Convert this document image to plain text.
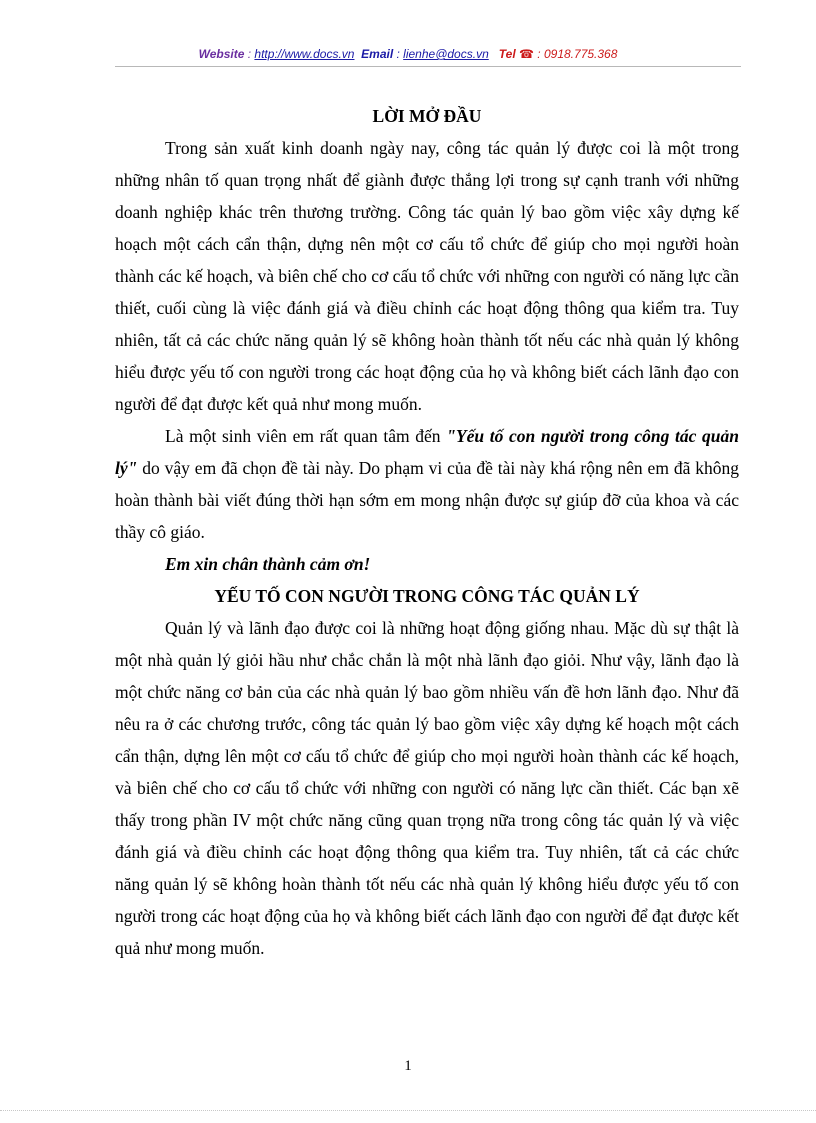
Website : http://www.docs.vn Email : lienhe@docs.vn Tel ☎ : 0918.775.368

LỜI MỞ ĐẦU

Trong sản xuất kinh doanh ngày nay, công tác quản lý được coi là một trong những nhân tố quan trọng nhất để giành được thắng lợi trong sự cạnh tranh với những doanh nghiệp khác trên thương trường. Công tác quản lý bao gồm việc xây dựng kế hoạch một cách cẩn thận, dựng nên một cơ cấu tổ chức để giúp cho mọi người hoàn thành các kế hoạch, và biên chế cho cơ cấu tổ chức với những con người có năng lực cần thiết, cuối cùng là việc đánh giá và điều chỉnh các hoạt động thông qua kiểm tra. Tuy nhiên, tất cả các chức năng quản lý sẽ không hoàn thành tốt nếu các nhà quản lý không hiểu được yếu tố con người trong các hoạt động của họ và không biết cách lãnh đạo con người để đạt được kết quả như mong muốn.

Là một sinh viên em rất quan tâm đến "Yếu tố con người trong công tác quản lý" do vậy em đã chọn đề tài này. Do phạm vi của đề tài này khá rộng nên em đã không hoàn thành bài viết đúng thời hạn sớm em mong nhận được sự giúp đỡ của khoa và các thầy cô giáo.

Em xin chân thành cảm ơn!

YẾU TỐ CON NGƯỜI TRONG CÔNG TÁC QUẢN LÝ

Quản lý và lãnh đạo được coi là những hoạt động giống nhau. Mặc dù sự thật là một nhà quản lý giỏi hầu như chắc chắn là một nhà lãnh đạo giỏi. Như vậy, lãnh đạo là một chức năng cơ bản của các nhà quản lý bao gồm nhiều vấn đề hơn lãnh đạo. Như đã nêu ra ở các chương trước, công tác quản lý bao gồm việc xây dựng kế hoạch một cách cẩn thận, dựng lên một cơ cấu tổ chức để giúp cho mọi người hoàn thành các kế hoạch, và biên chế cho cơ cấu tổ chức với những con người có năng lực cần thiết. Các bạn xẽ thấy trong phần IV một chức năng cũng quan trọng nữa trong công tác quản lý và việc đánh giá và điều chỉnh các hoạt động thông qua kiểm tra. Tuy nhiên, tất cả các chức năng quản lý sẽ không hoàn thành tốt nếu các nhà quản lý không hiểu được yếu tố con người trong các hoạt động của họ và không biết cách lãnh đạo con người để đạt được kết quả như mong muốn.

1
